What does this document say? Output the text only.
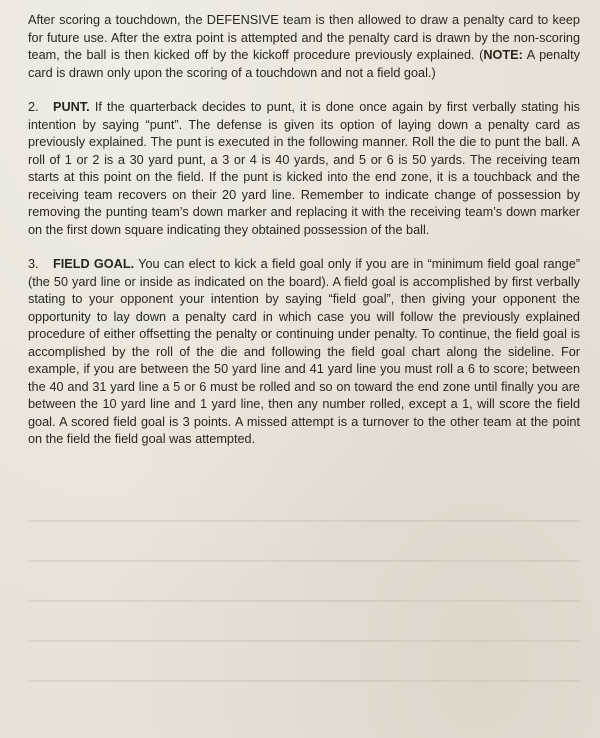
After scoring a touchdown, the DEFENSIVE team is then allowed to draw a penalty card to keep for future use. After the extra point is attempted and the penalty card is drawn by the non-scoring team, the ball is then kicked off by the kickoff procedure previously explained. (NOTE: A penalty card is drawn only upon the scoring of a touchdown and not a field goal.)

2. PUNT. If the quarterback decides to punt, it is done once again by first verbally stating his intention by saying “punt”. The defense is given its option of laying down a penalty card as previously explained. The punt is executed in the following manner. Roll the die to punt the ball. A roll of 1 or 2 is a 30 yard punt, a 3 or 4 is 40 yards, and 5 or 6 is 50 yards. The receiving team starts at this point on the field. If the punt is kicked into the end zone, it is a touchback and the receiving team recovers on their 20 yard line. Remember to indicate change of possession by removing the punting team’s down marker and replacing it with the receiving team’s down marker on the first down square indicating they obtained possession of the ball.

3. FIELD GOAL. You can elect to kick a field goal only if you are in “minimum field goal range” (the 50 yard line or inside as indicated on the board). A field goal is accomplished by first verbally stating to your opponent your intention by saying “field goal”, then giving your opponent the opportunity to lay down a penalty card in which case you will follow the previously explained procedure of either offsetting the penalty or continuing under penalty. To continue, the field goal is accomplished by the roll of the die and following the field goal chart along the sideline. For example, if you are between the 50 yard line and 41 yard line you must roll a 6 to score; between the 40 and 31 yard line a 5 or 6 must be rolled and so on toward the end zone until finally you are between the 10 yard line and 1 yard line, then any number rolled, except a 1, will score the field goal. A scored field goal is 3 points. A missed attempt is a turnover to the other team at the point on the field the field goal was attempted.
